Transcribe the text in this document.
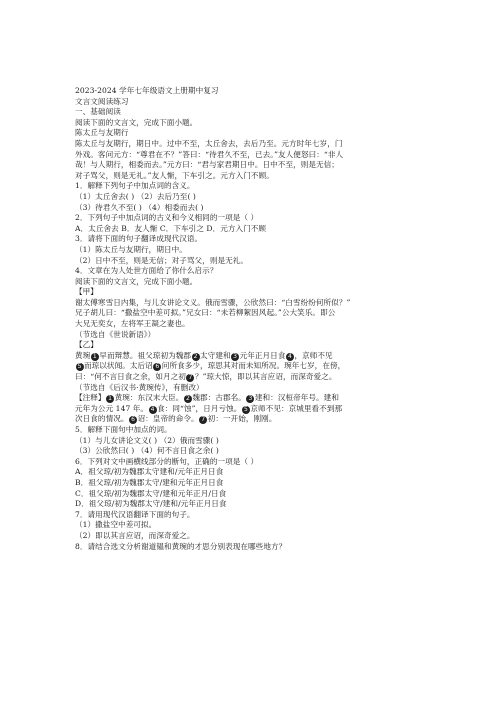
2023-2024 学年七年级语文上册期中复习
文言文阅读练习
一、基础阅读
阅读下面的文言文，完成下面小题。
陈太丘与友期行
陈太丘与友期行，期日中。过中不至，太丘舍去，去后乃至。元方时年七岁，门
外戏。客问元方：“尊君在不？”答曰：“待君久不至，已去。”友人便怒曰：“非人
哉！与人期行，相委而去。”元方曰：“君与家君期日中。日中不至，则是无信；
对子骂父，则是无礼。”友人惭，下车引之。元方入门不顾。
1．解释下列句子中加点词的含义。
（1）太丘舍去( ) （2）去后乃至( )
（3）待君久不至( ) （4）相委而去( )
2．下列句子中加点词的古义和今义相同的一项是（ ）
A．太丘舍去 B．友人惭 C．下车引之 D．元方入门不顾
3．请将下面的句子翻译成现代汉语。
（1）陈太丘与友期行，期日中。
（2）日中不至，则是无信；对子骂父，则是无礼。
4．文章在为人处世方面给了你什么启示？
阅读下面的文言文，完成下面小题。
【甲】
谢太傅寒雪日内集，与儿女讲论文义。俄而雪骤，公欣然曰：“白雪纷纷何所似？”
兄子胡儿曰：“撒盐空中差可拟。”兄女曰：“未若柳絮因风起。”公大笑乐。即公
大兄无奕女，左将军王凝之妻也。
（节选自《世说新语》）
【乙】
黄琬 1 早而辩慧。祖父琼初为魏郡 2 太守建和 3 元年正月日食 4 ，京师不见
5 而琼以状闻。太后诏 6 问所食多少，琼思其对而未知所况。琬年七岁，在傍，
曰：“何不言日食之余，如月之初 7 ？”琼大惊，即以其言应诏，而深奇爱之。
（节选自《后汉书·黄琬传》，有删改）
【注释】 1 黄琬：东汉末大臣。 2 魏郡：古郡名。 3 建和：汉桓帝年号。建和
元年为公元 147 年。 4 食：同“蚀”，日月亏蚀。 5 京师不见：京城里看不到那
次日食的情况。 6 诏：皇帝的命令。 7 初：一开始，刚刚。
5．解释下面句中加点的词。
（1）与儿女讲论文义( ) （2）俄而雪骤( )
（3）公欣然曰( ) （4）何不言日食之余( )
6．下列对文中画横线部分的断句，正确的一项是（ ）
A．祖父琼/初为魏郡太守建和/元年正月日食
B．祖父琼/初为魏郡太守/建和元年正月日食
C．祖父琼/初为魏郡太守/建和元年正月/日食
D．祖父琼/初为魏郡太守/建和/元年正月日食
7．请用现代汉语翻译下面的句子。
（1）撒盐空中差可拟。
（2）即以其言应诏，而深奇爱之。
8．请结合选文分析谢道韫和黄琬的才思分别表现在哪些地方？
